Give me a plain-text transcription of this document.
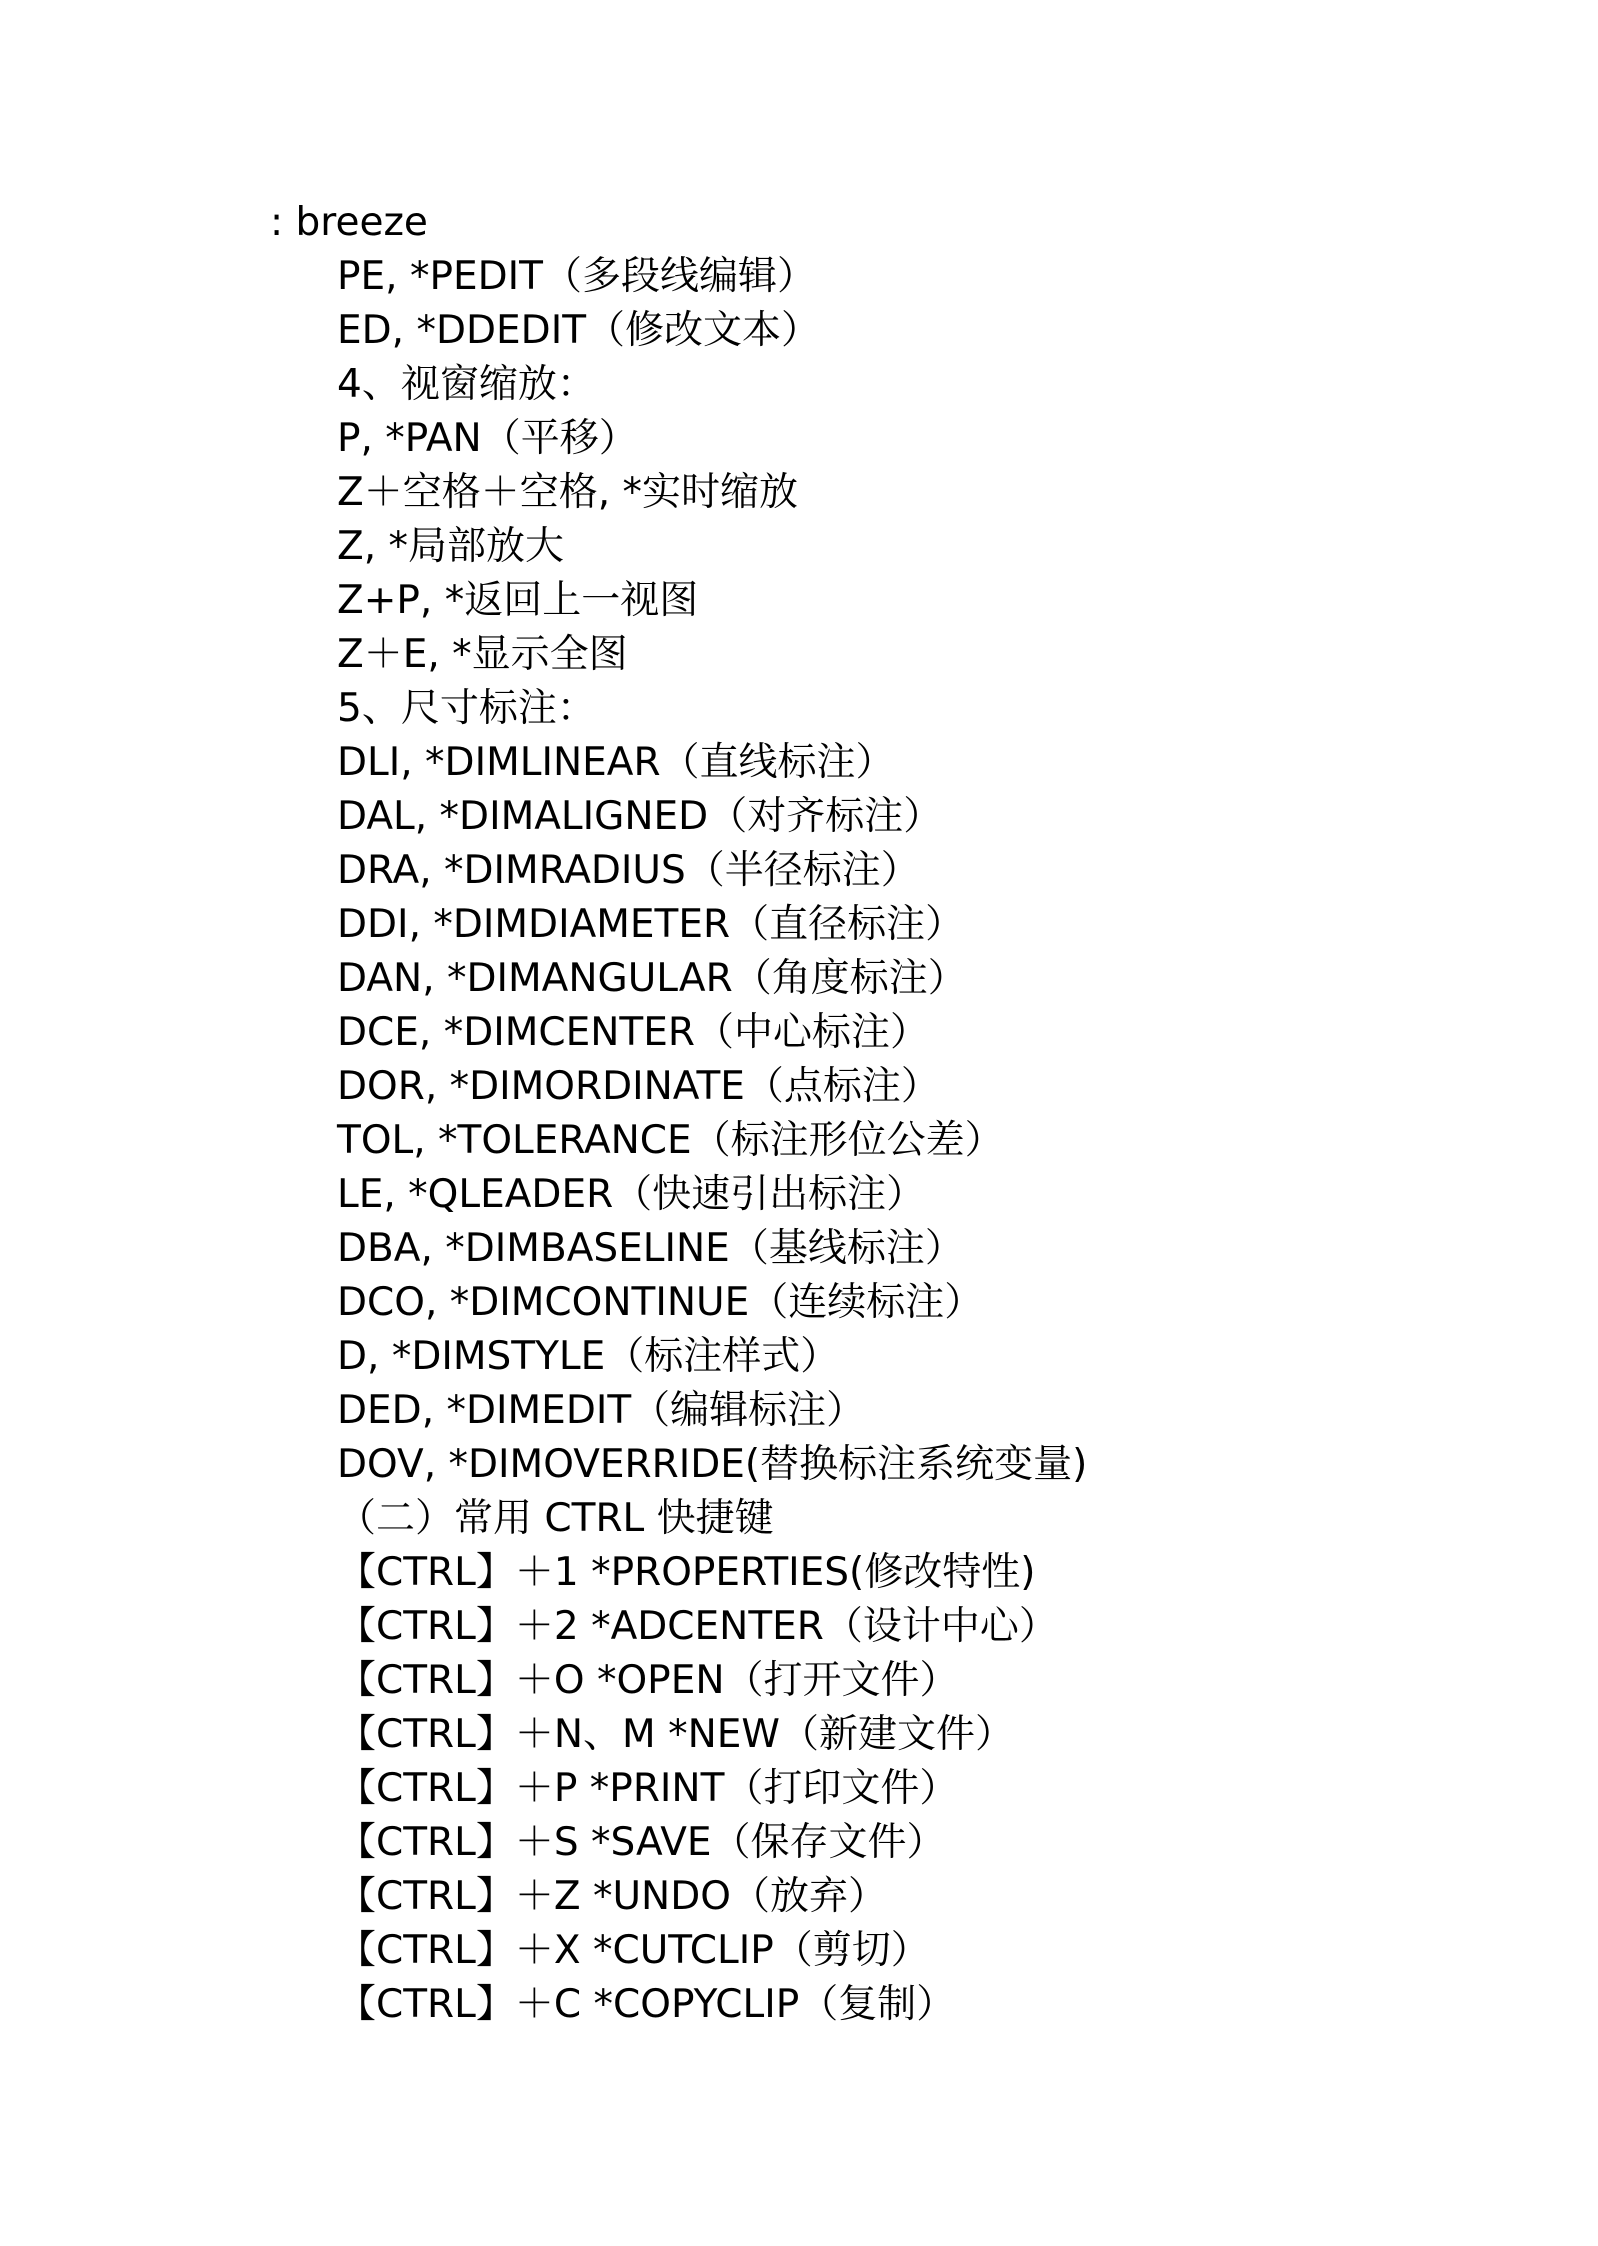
: breeze
PE, *PEDIT（多段线编辑）
ED, *DDEDIT（修改文本）
4、视窗缩放：
P, *PAN（平移）
Z＋空格＋空格, *实时缩放
Z, *局部放大
Z+P, *返回上一视图
Z＋E, *显示全图
5、尺寸标注：
DLI, *DIMLINEAR（直线标注）
DAL, *DIMALIGNED（对齐标注）
DRA, *DIMRADIUS（半径标注）
DDI, *DIMDIAMETER（直径标注）
DAN, *DIMANGULAR（角度标注）
DCE, *DIMCENTER（中心标注）
DOR, *DIMORDINATE（点标注）
TOL, *TOLERANCE（标注形位公差）
LE, *QLEADER（快速引出标注）
DBA, *DIMBASELINE（基线标注）
DCO, *DIMCONTINUE（连续标注）
D, *DIMSTYLE（标注样式）
DED, *DIMEDIT（编辑标注）
DOV, *DIMOVERRIDE(替换标注系统变量)
（二）常用 CTRL 快捷键
【CTRL】＋1 *PROPERTIES(修改特性)
【CTRL】＋2 *ADCENTER（设计中心）
【CTRL】＋O *OPEN（打开文件）
【CTRL】＋N、M *NEW（新建文件）
【CTRL】＋P *PRINT（打印文件）
【CTRL】＋S *SAVE（保存文件）
【CTRL】＋Z *UNDO（放弃）
【CTRL】＋X *CUTCLIP（剪切）
【CTRL】＋C *COPYCLIP（复制）
